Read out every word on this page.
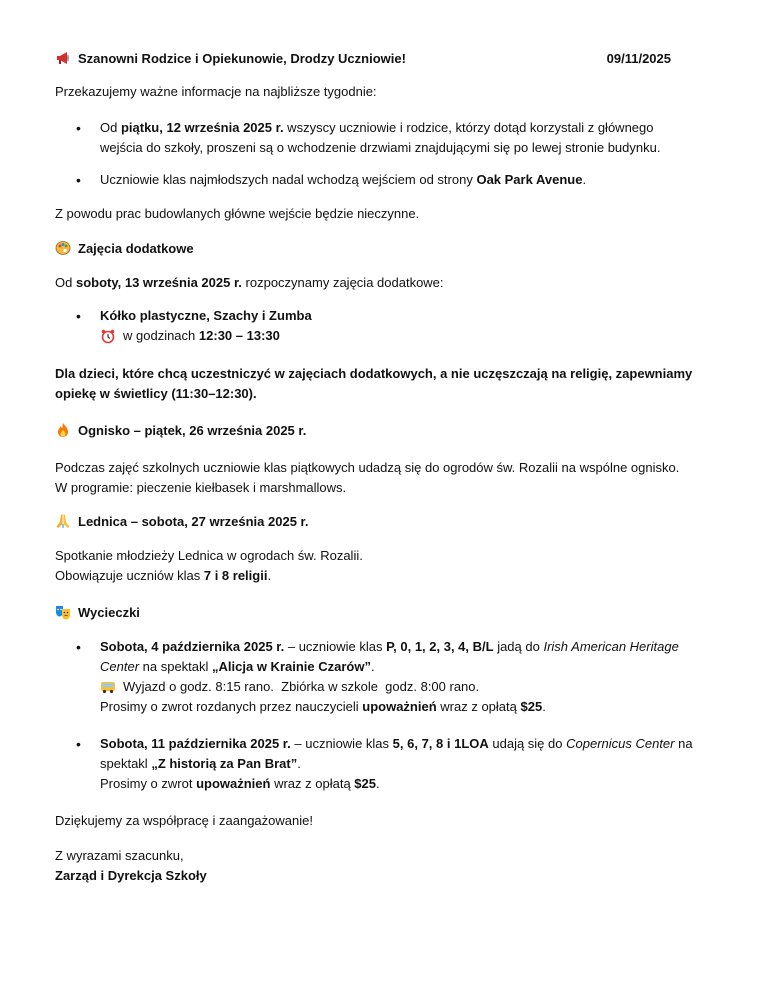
Szanowni Rodzice i Opiekunowie, Drodzy Uczniowie!	09/11/2025

Przekazujemy ważne informacje na najbliższe tygodnie:

• Od piątku, 12 września 2025 r. wszyscy uczniowie i rodzice, którzy dotąd korzystali z głównego
wejścia do szkoły, proszeni są o wchodzenie drzwiami znajdującymi się po lewej stronie budynku.
• Uczniowie klas najmłodszych nadal wchodzą wejściem od strony Oak Park Avenue.

Z powodu prac budowlanych główne wejście będzie nieczynne.

Zajęcia dodatkowe

Od soboty, 13 września 2025 r. rozpoczynamy zajęcia dodatkowe:

• Kółko plastyczne, Szachy i Zumba
w godzinach
12:30 – 13:30

Dla dzieci, które chcą uczestniczyć w zajęciach dodatkowych, a nie uczęszczają na religię, zapewniamy
opiekę w świetlicy (11:30–12:30).

Ognisko – piątek, 26 września 2025 r.

Podczas zajęć szkolnych uczniowie klas piątkowych udadzą się do ogrodów św. Rozalii na wspólne ognisko.
W programie: pieczenie kiełbasek i marshmallows.

Lednica – sobota, 27 września 2025 r.

Spotkanie młodzieży Lednica w ogrodach św. Rozalii.
Obowiązuje uczniów klas 7 i 8 religii.

Wycieczki
• Sobota, 4 października 2025 r. – uczniowie klas P, 0, 1, 2, 3, 4, B/L jadą do Irish American Heritage
Center na spektakl „Alicja w Krainie Czarów”.
Wyjazd o godz. 8:15 rano.  Zbiórka w szkole  godz. 8:00 rano.
Prosimy o zwrot rozdanych przez nauczycieli upoważnień wraz z opłatą $25.
• Sobota, 11 października 2025 r. – uczniowie klas 5, 6, 7, 8 i 1LOA udają się do Copernicus Center na
spektakl „Z historią za Pan Brat”.
Prosimy o zwrot upoważnień wraz z opłatą $25.

Dziękujemy za współpracę i zaangażowanie!

Z wyrazami szacunku,
Zarząd i Dyrekcja Szkoły
